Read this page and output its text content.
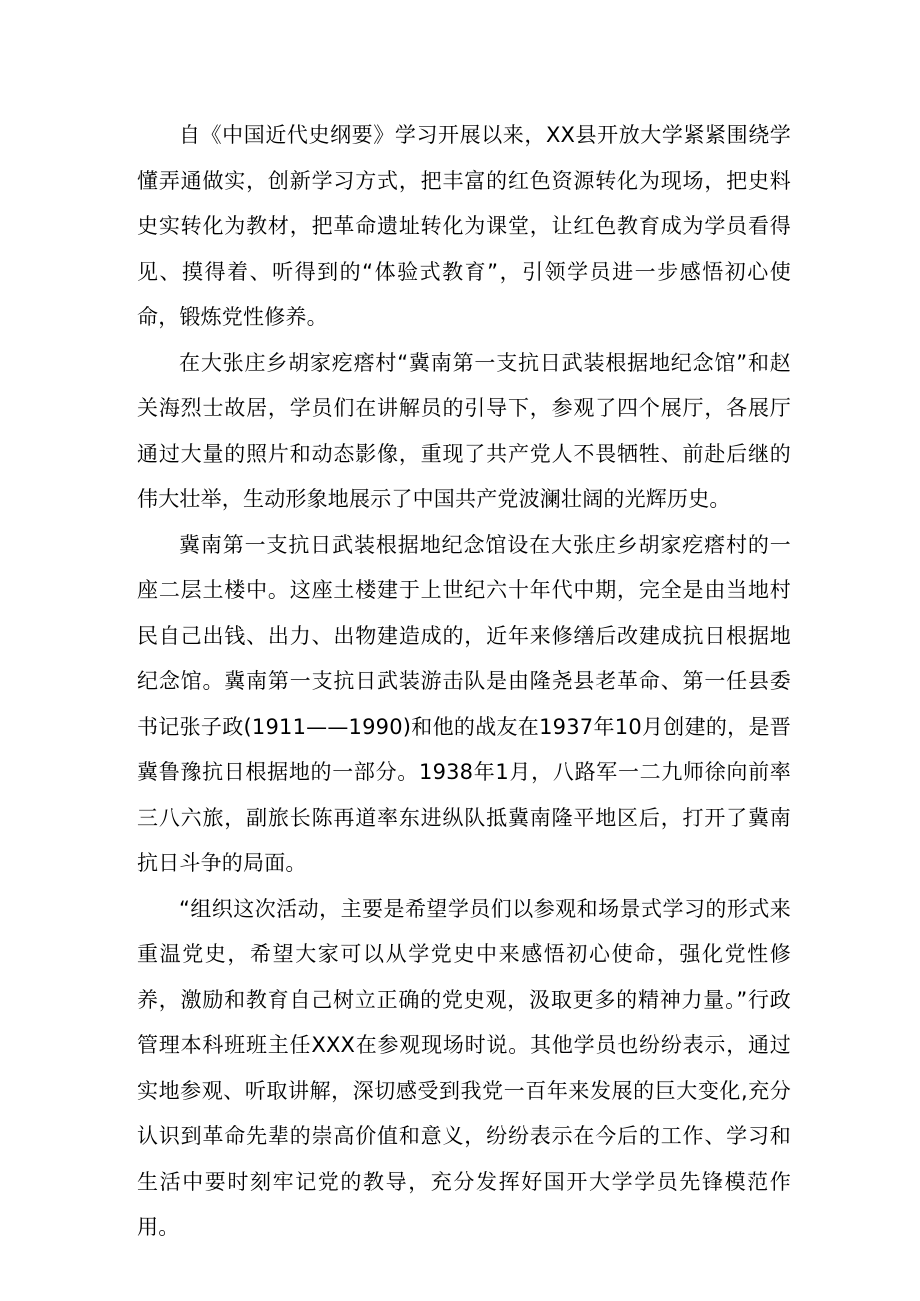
自《中国近代史纲要》学习开展以来，XX县开放大学紧紧围绕学懂弄通做实，创新学习方式，把丰富的红色资源转化为现场，把史料史实转化为教材，把革命遗址转化为课堂，让红色教育成为学员看得见、摸得着、听得到的“体验式教育”，引领学员进一步感悟初心使命，锻炼党性修养。

在大张庄乡胡家疙瘩村“冀南第一支抗日武装根据地纪念馆”和赵关海烈士故居，学员们在讲解员的引导下，参观了四个展厅，各展厅通过大量的照片和动态影像，重现了共产党人不畏牺牲、前赴后继的伟大壮举，生动形象地展示了中国共产党波澜壮阔的光辉历史。

冀南第一支抗日武装根据地纪念馆设在大张庄乡胡家疙瘩村的一座二层土楼中。这座土楼建于上世纪六十年代中期，完全是由当地村民自己出钱、出力、出物建造成的，近年来修缮后改建成抗日根据地纪念馆。冀南第一支抗日武装游击队是由隆尧县老革命、第一任县委书记张子政(1911——1990)和他的战友在1937年10月创建的，是晋冀鲁豫抗日根据地的一部分。1938年1月，八路军一二九师徐向前率三八六旅，副旅长陈再道率东进纵队抵冀南隆平地区后，打开了冀南抗日斗争的局面。

“组织这次活动，主要是希望学员们以参观和场景式学习的形式来重温党史，希望大家可以从学党史中来感悟初心使命，强化党性修养，激励和教育自己树立正确的党史观，汲取更多的精神力量。”行政管理本科班班主任XXX在参观现场时说。其他学员也纷纷表示，通过实地参观、听取讲解，深切感受到我党一百年来发展的巨大变化,充分认识到革命先辈的崇高价值和意义，纷纷表示在今后的工作、学习和生活中要时刻牢记党的教导，充分发挥好国开大学学员先锋模范作用。
